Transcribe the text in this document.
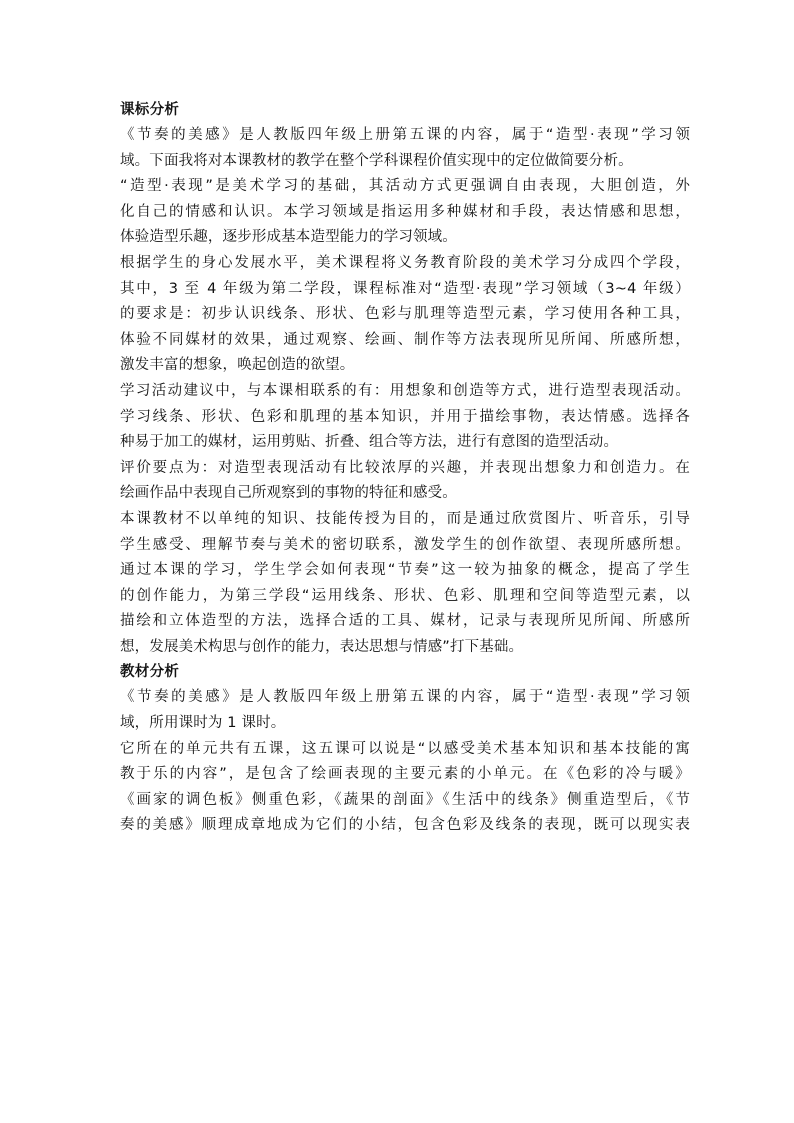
课标分析
《节奏的美感》是人教版四年级上册第五课的内容，属于“造型·表现”学习领
域。下面我将对本课教材的教学在整个学科课程价值实现中的定位做简要分析。
“造型·表现”是美术学习的基础，其活动方式更强调自由表现，大胆创造，外
化自己的情感和认识。本学习领域是指运用多种媒材和手段，表达情感和思想，
体验造型乐趣，逐步形成基本造型能力的学习领域。
根据学生的身心发展水平，美术课程将义务教育阶段的美术学习分成四个学段，
其中，3 至 4 年级为第二学段，课程标准对“造型·表现”学习领域（3~4 年级）
的要求是：初步认识线条、形状、色彩与肌理等造型元素，学习使用各种工具，
体验不同媒材的效果，通过观察、绘画、制作等方法表现所见所闻、所感所想，
激发丰富的想象，唤起创造的欲望。
学习活动建议中，与本课相联系的有：用想象和创造等方式，进行造型表现活动。
学习线条、形状、色彩和肌理的基本知识，并用于描绘事物，表达情感。选择各
种易于加工的媒材，运用剪贴、折叠、组合等方法，进行有意图的造型活动。
评价要点为：对造型表现活动有比较浓厚的兴趣，并表现出想象力和创造力。在
绘画作品中表现自己所观察到的事物的特征和感受。
本课教材不以单纯的知识、技能传授为目的，而是通过欣赏图片、听音乐，引导
学生感受、理解节奏与美术的密切联系，激发学生的创作欲望、表现所感所想。
通过本课的学习，学生学会如何表现“节奏”这一较为抽象的概念，提高了学生
的创作能力，为第三学段“运用线条、形状、色彩、肌理和空间等造型元素，以
描绘和立体造型的方法，选择合适的工具、媒材，记录与表现所见所闻、所感所
想，发展美术构思与创作的能力，表达思想与情感”打下基础。
教材分析
《节奏的美感》是人教版四年级上册第五课的内容，属于“造型·表现”学习领
域，所用课时为 1 课时。
它所在的单元共有五课，这五课可以说是“以感受美术基本知识和基本技能的寓
教于乐的内容”，是包含了绘画表现的主要元素的小单元。在《色彩的冷与暖》
《画家的调色板》侧重色彩，《蔬果的剖面》《生活中的线条》侧重造型后，《节
奏的美感》顺理成章地成为它们的小结，包含色彩及线条的表现，既可以现实表
